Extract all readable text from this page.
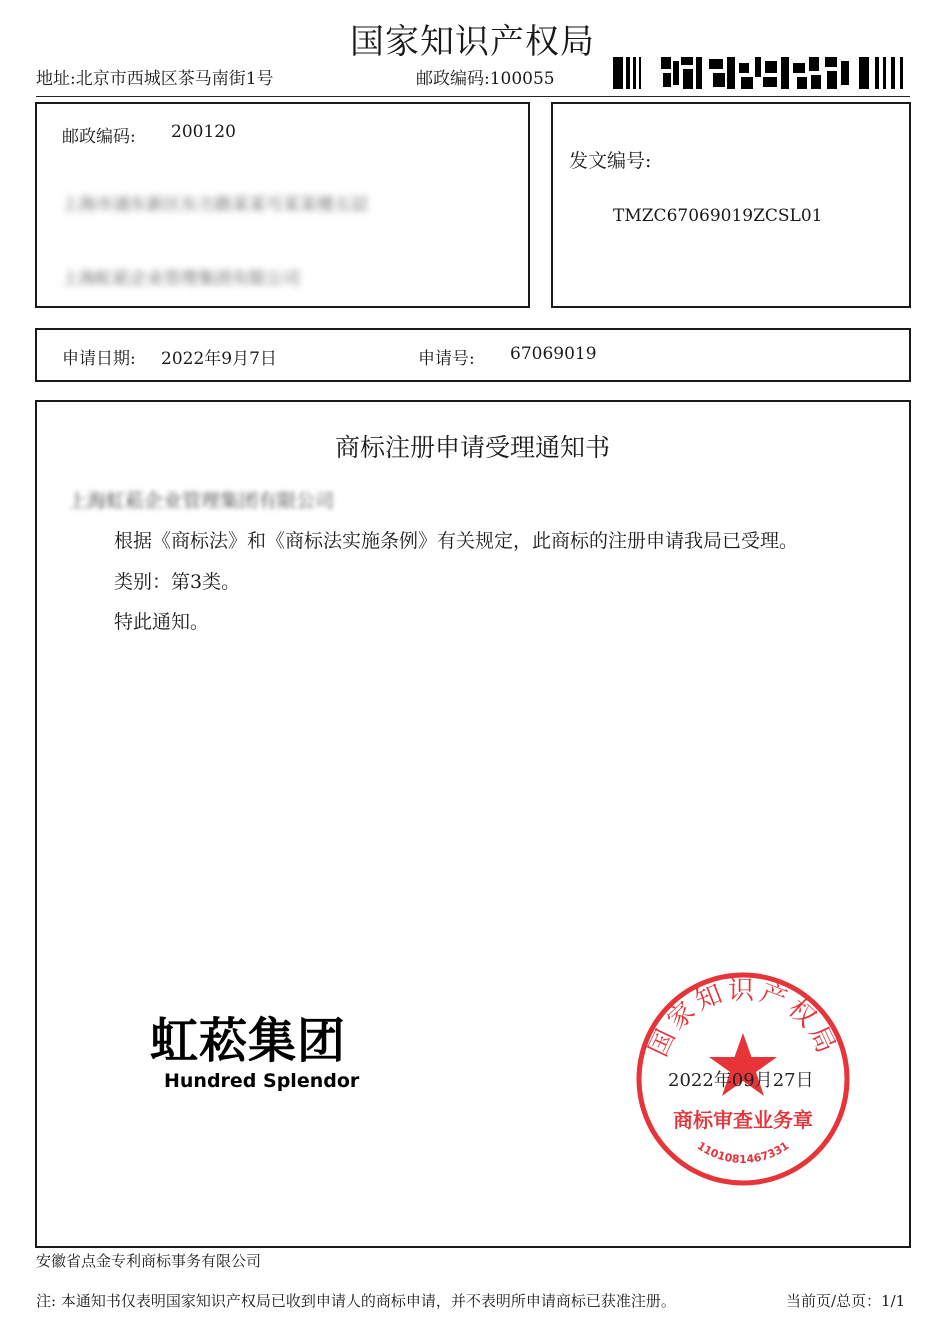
国家知识产权局
地址:北京市西城区茶马南街1号	邮政编码:100055
邮政编码: 200120
上海市浦东新区东方路某某号某某楼五层
上海虹菘企业管理集团有限公司
发文编号:
TMZC67069019ZCSL01
申请日期: 2022年9月7日	申请号: 67069019
商标注册申请受理通知书
上海虹菘企业管理集团有限公司
根据《商标法》和《商标法实施条例》有关规定，此商标的注册申请我局已受理。
类别：第3类。
特此通知。
虹菘集团
Hundred Splendor
国家知识产权局
商标审查业务章
1101081467331
2022年09月27日
安徽省点金专利商标事务有限公司
注: 本通知书仅表明国家知识产权局已收到申请人的商标申请，并不表明所申请商标已获准注册。	当前页/总页：1/1
